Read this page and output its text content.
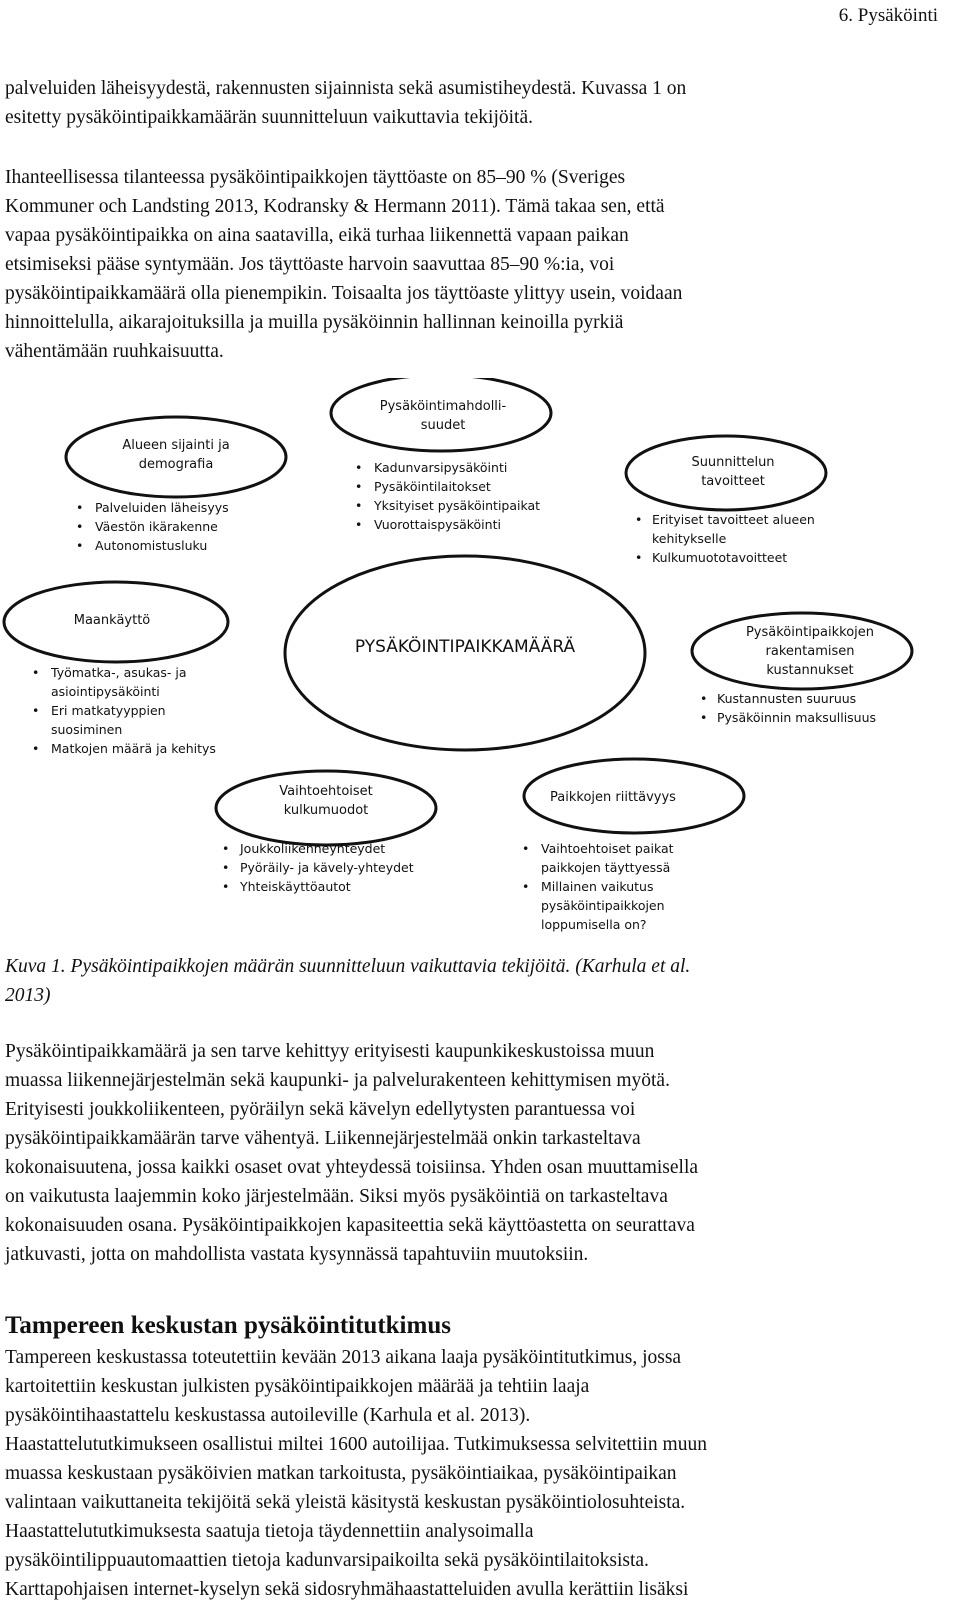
6. Pysäköinti

palveluiden läheisyydestä, rakennusten sijainnista sekä asumistiheydestä. Kuvassa 1 on
esitetty pysäköintipaikkamäärän suunnitteluun vaikuttavia tekijöitä.

Ihanteellisessa tilanteessa pysäköintipaikkojen täyttöaste on 85–90 % (Sveriges
Kommuner och Landsting 2013, Kodransky & Hermann 2011). Tämä takaa sen, että
vapaa pysäköintipaikka on aina saatavilla, eikä turhaa liikennettä vapaan paikan
etsimiseksi pääse syntymään. Jos täyttöaste harvoin saavuttaa 85–90 %:ia, voi
pysäköintipaikkamäärä olla pienempikin. Toisaalta jos täyttöaste ylittyy usein, voidaan
hinnoittelulla, aikarajoituksilla ja muilla pysäköinnin hallinnan keinoilla pyrkiä
vähentämään ruuhkaisuutta.

PYSÄKÖINTIPAIKKAMÄÄRÄ
Alueen sijainti ja
demografia
• Palveluiden läheisyys
• Väestön ikärakenne
• Autonomistusluku
Pysäköintimahdolli-
suudet
• Kadunvarsipysäköinti
• Pysäköintilaitokset
• Yksityiset pysäköintipaikat
• Vuorottaispysäköinti
Suunnittelun
tavoitteet
• Erityiset tavoitteet alueen
kehitykselle
• Kulkumuototavoitteet
Maankäyttö
• Työmatka-, asukas- ja
asiointipysäköinti
• Eri matkatyyppien
suosiminen
• Matkojen määrä ja kehitys
Pysäköintipaikkojen
rakentamisen
kustannukset
• Kustannusten suuruus
• Pysäköinnin maksullisuus
Vaihtoehtoiset
kulkumuodot
• Joukkoliikenneyhteydet
• Pyöräily- ja kävely-yhteydet
• Yhteiskäyttöautot
Paikkojen riittävyys
• Vaihtoehtoiset paikat
paikkojen täyttyessä
• Millainen vaikutus
pysäköintipaikkojen
loppumisella on?

Kuva 1. Pysäköintipaikkojen määrän suunnitteluun vaikuttavia tekijöitä. (Karhula et al.
2013)

Pysäköintipaikkamäärä ja sen tarve kehittyy erityisesti kaupunkikeskustoissa muun
muassa liikennejärjestelmän sekä kaupunki- ja palvelurakenteen kehittymisen myötä.
Erityisesti joukkoliikenteen, pyöräilyn sekä kävelyn edellytysten parantuessa voi
pysäköintipaikkamäärän tarve vähentyä. Liikennejärjestelmää onkin tarkasteltava
kokonaisuutena, jossa kaikki osaset ovat yhteydessä toisiinsa. Yhden osan muuttamisella
on vaikutusta laajemmin koko järjestelmään. Siksi myös pysäköintiä on tarkasteltava
kokonaisuuden osana. Pysäköintipaikkojen kapasiteettia sekä käyttöastetta on seurattava
jatkuvasti, jotta on mahdollista vastata kysynnässä tapahtuviin muutoksiin.

Tampereen keskustan pysäköintitutkimus

Tampereen keskustassa toteutettiin kevään 2013 aikana laaja pysäköintitutkimus, jossa
kartoitettiin keskustan julkisten pysäköintipaikkojen määrää ja tehtiin laaja
pysäköintihaastattelu keskustassa autoileville (Karhula et al. 2013).
Haastattelututkimukseen osallistui miltei 1600 autoilijaa. Tutkimuksessa selvitettiin muun
muassa keskustaan pysäköivien matkan tarkoitusta, pysäköintiaikaa, pysäköintipaikan
valintaan vaikuttaneita tekijöitä sekä yleistä käsitystä keskustan pysäköintiolosuhteista.
Haastattelututkimuksesta saatuja tietoja täydennettiin analysoimalla
pysäköintilippuautomaattien tietoja kadunvarsipaikoilta sekä pysäköintilaitoksista.
Karttapohjaisen internet-kyselyn sekä sidosryhmähaastatteluiden avulla kerättiin lisäksi
